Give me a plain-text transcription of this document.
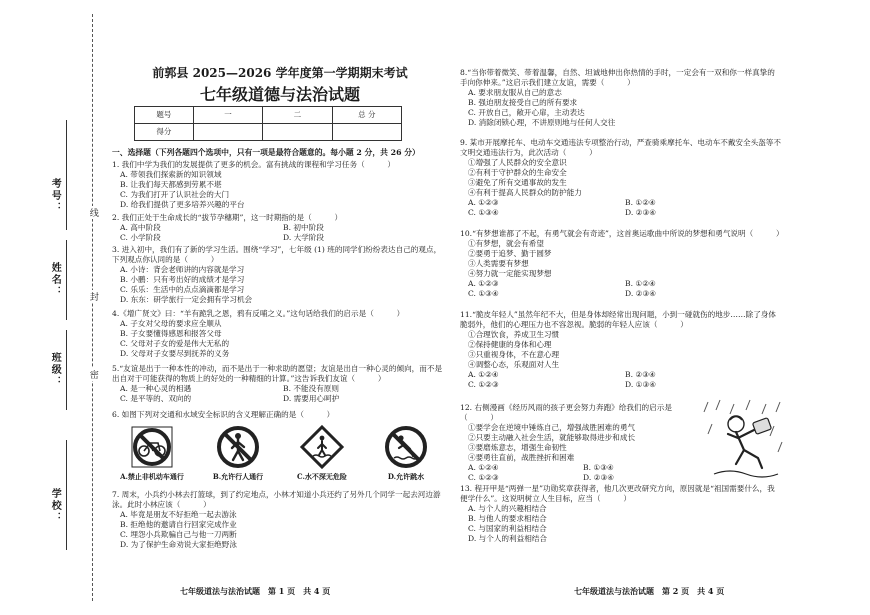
考号：
姓名：
班级：
学校：
线
封
密
前郭县 2025—2026 学年度第一学期期末考试
七年级道德与法治试题
题号	一	二	总 分
得分			
一、选择题（下列各题四个选项中，只有一项是最符合题意的。每小题 2 分，共 26 分）
1. 我们中学为我们的发展提供了更多的机会。富有挑战的课程和学习任务（　　　）
A. 带领我们探索新的知识领域
B. 让我们每天都感到劳累不堪
C. 为我们打开了认识社会的大门
D. 给我们提供了更多培养兴趣的平台
2. 我们正处于生命成长的“拔节孕穗期”，这一时期指的是（　　　）
A. 高中阶段	B. 初中阶段
C. 小学阶段	D. 大学阶段
3. 进入初中，我们有了新的学习生活。围绕“学习”，七年级 (1) 班的同学们纷纷表达自己的观点，下列观点你认同的是（　　　）
A. 小诗：背会老师讲的内容就是学习
B. 小鹏：只有考出好的成绩才是学习
C. 乐乐：生活中的点点滴滴都是学习
D. 东东：研学旅行一定会拥有学习机会
4.《增广贤文》曰：“羊有跪乳之恩，鸦有反哺之义。”这句话给我们的启示是（　　　）
A. 子女对父母的要求应全顺从
B. 子女要懂得感恩和报答父母
C. 父母对子女的爱是伟大无私的
D. 父母对子女要尽到抚养的义务
5.“友谊是出于一种本性的冲动，而不是出于一种求助的愿望；友谊是出自一种心灵的倾向，而不是出自对于可能获得的物质上的好处的一种精细的计算。”这告诉我们友谊（　　　）
A. 是一种心灵的相遇	B. 不能没有原则
C. 是平等的、双向的	D. 需要用心呵护
6. 如图下列对交通和水域安全标识的含义理解正确的是（　　　）
A.禁止非机动车通行	B.允许行人通行	C.水不深无危险	D.允许跳水
7. 周末，小兵约小林去打篮球，到了约定地点，小林才知道小兵还约了另外几个同学一起去河边游泳。此时小林应该（　　　）
A. 毕竟是朋友不好拒绝一起去游泳
B. 拒绝他的邀请自行回家完成作业
C. 埋怨小兵欺骗自己与他一刀两断
D. 为了保护生命劝说大家拒绝野泳
七年级道法与法治试题　第 1 页　共 4 页
8.“当你带着微笑、带着温馨，自然、坦诚地伸出你热情的手时，一定会有一双和你一样真挚的手向你伸来。”这启示我们建立友谊，需要（　　　）
A. 要求朋友服从自己的意志
B. 强迫朋友接受自己的所有要求
C. 开放自己，敞开心扉，主动表达
D. 消除闭锁心理，不讲原则地与任何人交往
9. 某市开展摩托车、电动车交通违法专项整治行动，严查骑乘摩托车、电动车不戴安全头盔等不文明交通违法行为，此次活动（　　　）
①增强了人民群众的安全意识
②有利于守护群众的生命安全
③避免了所有交通事故的发生
④有利于提高人民群众的防护能力
A. ①②③	B. ①②④
C. ①③④	D. ②③④
10.“有梦想谁都了不起，有勇气就会有奇迹”，这首奥运歌曲中所说的梦想和勇气说明（　　　）
①有梦想，就会有希望
②要勇于追梦、勤于圆梦
③人类需要有梦想
④努力就一定能实现梦想
A. ①②③	B. ①②④
C. ①③④	D. ②③④
11.“脆皮年轻人”虽然年纪不大，但是身体却经常出现问题，小到一碰就伤的地步……除了身体脆弱外，他们的心理压力也不容忽视。脆弱的年轻人应该（　　　）
①合理饮食，养成卫生习惯
②保持健康的身体和心理
③只重视身体，不在意心理
④调整心态，乐观面对人生
A. ①②④	B. ②③④
C. ①②③	D. ①③④
12. 右侧漫画《经历风雨的孩子更会努力奔跑》给我们的启示是（　　　）
①要学会在逆境中锤炼自己，增强战胜困难的勇气
②只要主动融入社会生活，就能够取得进步和成长
③要磨炼意志，增强生命韧性
④要勇往直前，战胜挫折和困难
A. ①②④	B. ①③④
C. ①②③	D. ②③④
13. 程开甲是“两弹一星”功勋奖章获得者，他几次更改研究方向，原因就是“祖国需要什么，我便学什么”。这说明树立人生目标，应当（　　　）
A. 与个人的兴趣相结合
B. 与他人的要求相结合
C. 与国家的利益相结合
D. 与个人的利益相结合
七年级道法与法治试题　第 2 页　共 4 页
